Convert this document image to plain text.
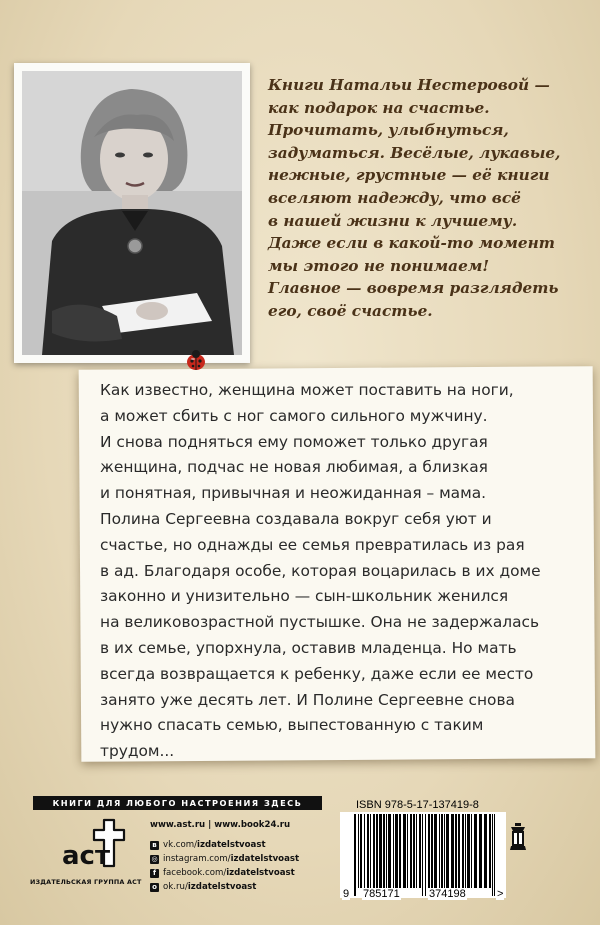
Книги Натальи Нестеровой —
как подарок на счастье.
Прочитать, улыбнуться,
задуматься. Весёлые, лукавые,
нежные, грустные — её книги
вселяют надежду, что всё
в нашей жизни к лучшему.
Даже если в какой-то момент
мы этого не понимаем!
Главное — вовремя разглядеть
его, своё счастье.
Как известно, женщина может поставить на ноги,
а может сбить с ног самого сильного мужчину.
И снова подняться ему поможет только другая
женщина, подчас не новая любимая, а близкая
и понятная, привычная и неожиданная – мама.
Полина Сергеевна создавала вокруг себя уют и
счастье, но однажды ее семья превратилась из рая
в ад. Благодаря особе, которая воцарилась в их доме
законно и унизительно — сын-школьник женился
на великовозрастной пустышке. Она не задержалась
в их семье, упорхнула, оставив младенца. Но мать
всегда возвращается к ребенку, даже если ее место
занято уже десять лет. И Полине Сергеевне снова
нужно спасать семью, выпестованную с таким
трудом...
КНИГИ ДЛЯ ЛЮБОГО НАСТРОЕНИЯ ЗДЕСЬ
аст
ИЗДАТЕЛЬСКАЯ ГРУППА АСТ
www.ast.ru | www.book24.ru
в vk.com/ izdatelstvoast
◎ instagram.com/ izdatelstvoast
f facebook.com/ izdatelstvoast
o ok.ru/ izdatelstvoast
ISBN 978-5-17-137419-8
9 785171	374198	>
